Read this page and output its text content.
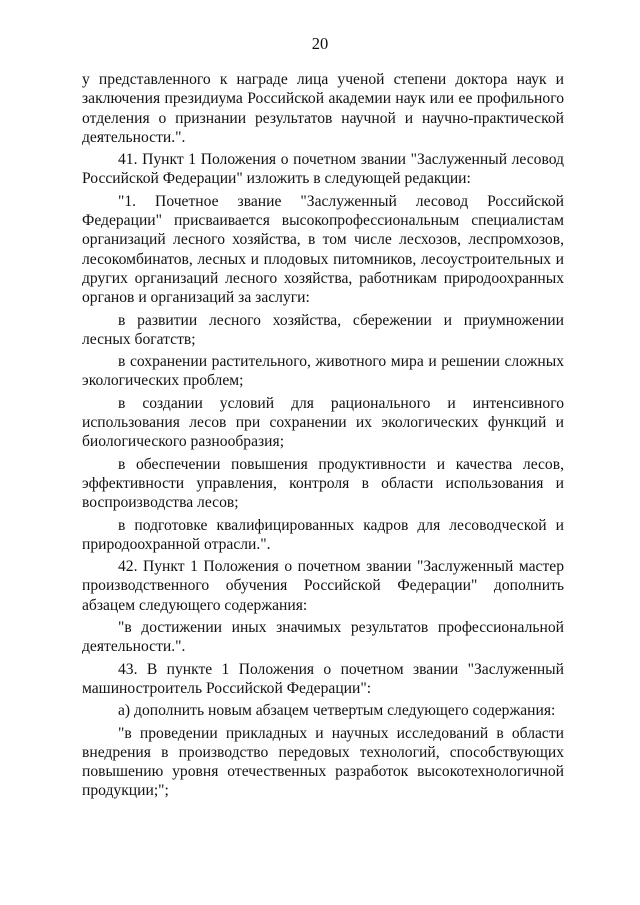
20

у представленного к награде лица ученой степени доктора наук и заключения президиума Российской академии наук или ее профильного отделения о признании результатов научной и научно-практической деятельности.".

41. Пункт 1 Положения о почетном звании "Заслуженный лесовод Российской Федерации" изложить в следующей редакции:

"1. Почетное звание "Заслуженный лесовод Российской Федерации" присваивается высокопрофессиональным специалистам организаций лесного хозяйства, в том числе лесхозов, леспромхозов, лесокомбинатов, лесных и плодовых питомников, лесоустроительных и других организаций лесного хозяйства, работникам природоохранных органов и организаций за заслуги:

в развитии лесного хозяйства, сбережении и приумножении лесных богатств;

в сохранении растительного, животного мира и решении сложных экологических проблем;

в создании условий для рационального и интенсивного использования лесов при сохранении их экологических функций и биологического разнообразия;

в обеспечении повышения продуктивности и качества лесов, эффективности управления, контроля в области использования и воспроизводства лесов;

в подготовке квалифицированных кадров для лесоводческой и природоохранной отрасли.".

42. Пункт 1 Положения о почетном звании "Заслуженный мастер производственного обучения Российской Федерации" дополнить абзацем следующего содержания:

"в достижении иных значимых результатов профессиональной деятельности.".

43. В пункте 1 Положения о почетном звании "Заслуженный машиностроитель Российской Федерации":

а) дополнить новым абзацем четвертым следующего содержания:

"в проведении прикладных и научных исследований в области внедрения в производство передовых технологий, способствующих повышению уровня отечественных разработок высокотехнологичной продукции;";
